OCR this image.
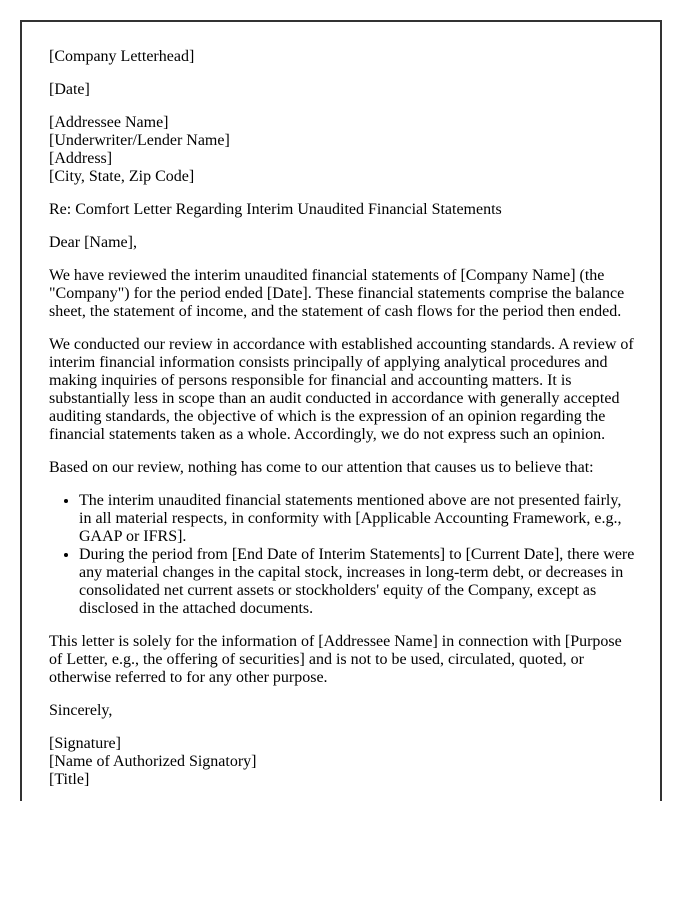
[Company Letterhead]

[Date]

[Addressee Name]
[Underwriter/Lender Name]
[Address]
[City, State, Zip Code]

Re: Comfort Letter Regarding Interim Unaudited Financial Statements

Dear [Name],

We have reviewed the interim unaudited financial statements of [Company Name] (the "Company") for the period ended [Date]. These financial statements comprise the balance sheet, the statement of income, and the statement of cash flows for the period then ended.

We conducted our review in accordance with established accounting standards. A review of interim financial information consists principally of applying analytical procedures and making inquiries of persons responsible for financial and accounting matters. It is substantially less in scope than an audit conducted in accordance with generally accepted auditing standards, the objective of which is the expression of an opinion regarding the financial statements taken as a whole. Accordingly, we do not express such an opinion.

Based on our review, nothing has come to our attention that causes us to believe that:

• The interim unaudited financial statements mentioned above are not presented fairly, in all material respects, in conformity with [Applicable Accounting Framework, e.g., GAAP or IFRS].
• During the period from [End Date of Interim Statements] to [Current Date], there were any material changes in the capital stock, increases in long-term debt, or decreases in consolidated net current assets or stockholders' equity of the Company, except as disclosed in the attached documents.

This letter is solely for the information of [Addressee Name] in connection with [Purpose of Letter, e.g., the offering of securities] and is not to be used, circulated, quoted, or otherwise referred to for any other purpose.

Sincerely,

[Signature]
[Name of Authorized Signatory]
[Title]
